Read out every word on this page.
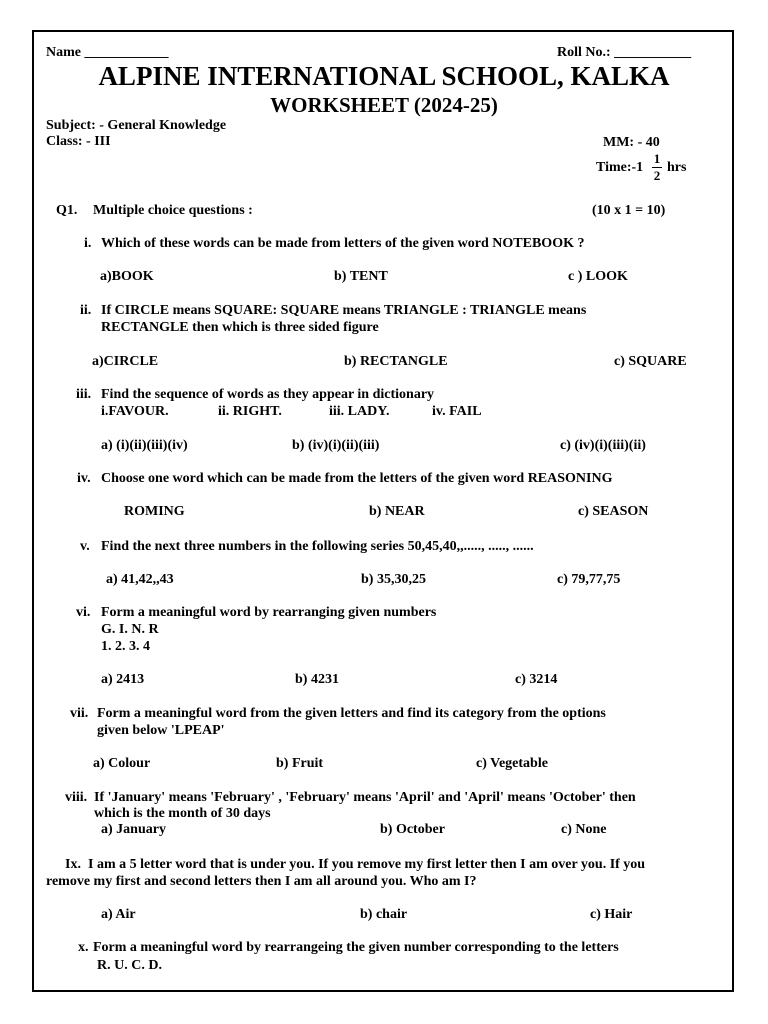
Name ____________	Roll No.: ___________
ALPINE INTERNATIONAL SCHOOL, KALKA
WORKSHEET (2024-25)
Subject: - General Knowledge
Class: - III	MM: - 40
Time:-1
1
2
hrs
Q1. Multiple choice questions :	(10 x 1 = 10)
i. Which of these words can be made from letters of the given word NOTEBOOK ?
a)BOOK	b) TENT	c ) LOOK
ii. If CIRCLE means SQUARE: SQUARE means TRIANGLE : TRIANGLE means
RECTANGLE then which is three sided figure
a)CIRCLE	b) RECTANGLE	c) SQUARE
iii. Find the sequence of words as they appear in dictionary
i.FAVOUR.	ii. RIGHT.	iii. LADY.	iv. FAIL
a) (i)(ii)(iii)(iv)	b) (iv)(i)(ii)(iii)	c) (iv)(i)(iii)(ii)
iv. Choose one word which can be made from the letters of the given word REASONING
ROMING	b) NEAR	c) SEASON
v. Find the next three numbers in the following series 50,45,40,,....., ....., ......
a) 41,42,,43	b) 35,30,25	c) 79,77,75
vi. Form a meaningful word by rearranging given numbers
G. I. N. R
1. 2. 3. 4
a) 2413	b) 4231	c) 3214
vii. Form a meaningful word from the given letters and find its category from the options
given below 'LPEAP'
a) Colour	b) Fruit	c) Vegetable
viii. If 'January' means 'February' , 'February' means 'April' and 'April' means 'October' then
which is the month of 30 days
a) January	b) October	c) None
Ix. I am a 5 letter word that is under you. If you remove my first letter then I am over you. If you
remove my first and second letters then I am all around you. Who am I?
a) Air	b) chair	c) Hair
x. Form a meaningful word by rearrangeing the given number corresponding to the letters
R. U. C. D.
